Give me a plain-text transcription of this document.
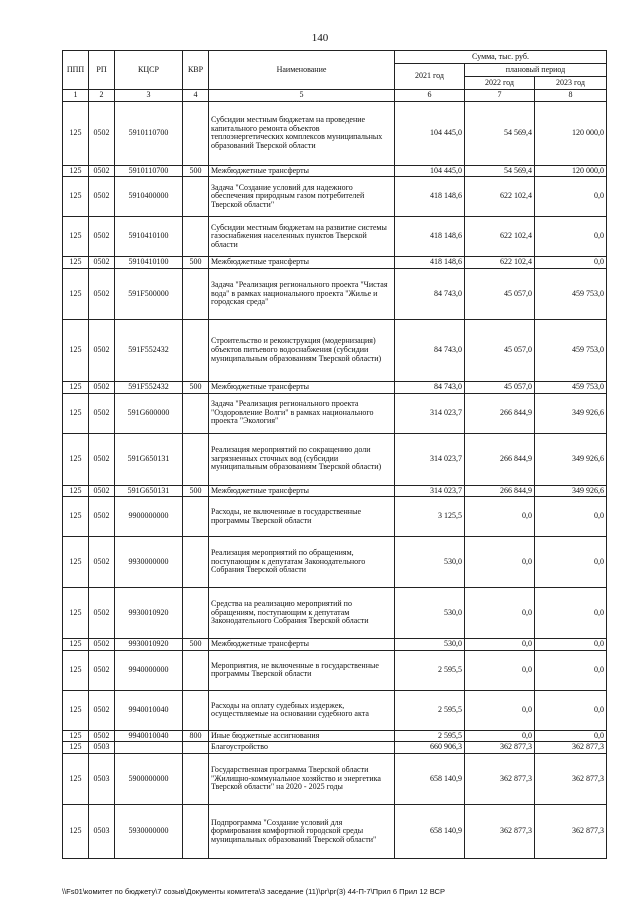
140
ППП	РП	КЦСР	КВР	Наименование	Сумма, тыс. руб.		
					2021 год	плановый период	
						2022 год	2023 год
1	2	3	4	5	6	7	8
125	0502	5910110700		Субсидии местным бюджетам на проведение капитального ремонта объектов теплоэнергетических комплексов муниципальных образований Тверской области	104 445,0	54 569,4	120 000,0
125	0502	5910110700	500	Межбюджетные трансферты	104 445,0	54 569,4	120 000,0
125	0502	5910400000		Задача "Создание условий для надежного обеспечения природным газом потребителей Тверской области"	418 148,6	622 102,4	0,0
125	0502	5910410100		Субсидии местным бюджетам на развитие системы газоснабжения населенных пунктов Тверской области	418 148,6	622 102,4	0,0
125	0502	5910410100	500	Межбюджетные трансферты	418 148,6	622 102,4	0,0
125	0502	591F500000		Задача "Реализация регионального проекта "Чистая вода" в рамках национального проекта "Жилье и городская среда"	84 743,0	45 057,0	459 753,0
125	0502	591F552432		Строительство и реконструкция (модернизация) объектов питьевого водоснабжения (субсидии муниципальным образованиям Тверской области)	84 743,0	45 057,0	459 753,0
125	0502	591F552432	500	Межбюджетные трансферты	84 743,0	45 057,0	459 753,0
125	0502	591G600000		Задача "Реализация регионального проекта "Оздоровление Волги" в рамках национального проекта "Экология"	314 023,7	266 844,9	349 926,6
125	0502	591G650131		Реализация мероприятий по сокращению доли загрязненных сточных вод (субсидии муниципальным образованиям Тверской области)	314 023,7	266 844,9	349 926,6
125	0502	591G650131	500	Межбюджетные трансферты	314 023,7	266 844,9	349 926,6
125	0502	9900000000		Расходы, не включенные в государственные программы Тверской области	3 125,5	0,0	0,0
125	0502	9930000000		Реализация мероприятий по обращениям, поступающим к депутатам Законодательного Собрания Тверской области	530,0	0,0	0,0
125	0502	9930010920		Средства на реализацию мероприятий по обращениям, поступающим к депутатам Законодательного Собрания Тверской области	530,0	0,0	0,0
125	0502	9930010920	500	Межбюджетные трансферты	530,0	0,0	0,0
125	0502	9940000000		Мероприятия, не включенные в государственные программы Тверской области	2 595,5	0,0	0,0
125	0502	9940010040		Расходы на оплату судебных издержек, осуществляемые на основании судебного акта	2 595,5	0,0	0,0
125	0502	9940010040	800	Иные бюджетные ассигнования	2 595,5	0,0	0,0
125	0503			Благоустройство	660 906,3	362 877,3	362 877,3
125	0503	5900000000		Государственная программа Тверской области "Жилищно-коммунальное хозяйство и энергетика Тверской области" на 2020 - 2025 годы	658 140,9	362 877,3	362 877,3
125	0503	5930000000		Подпрограмма "Создание условий для формирования комфортной городской среды муниципальных образований Тверской области"	658 140,9	362 877,3	362 877,3
\\Fs01\комитет по бюджету\7 созыв\Документы комитета\3 заседание (11)\рг\рг(3) 44-П-7\Прил 6 Прил 12 ВСР
